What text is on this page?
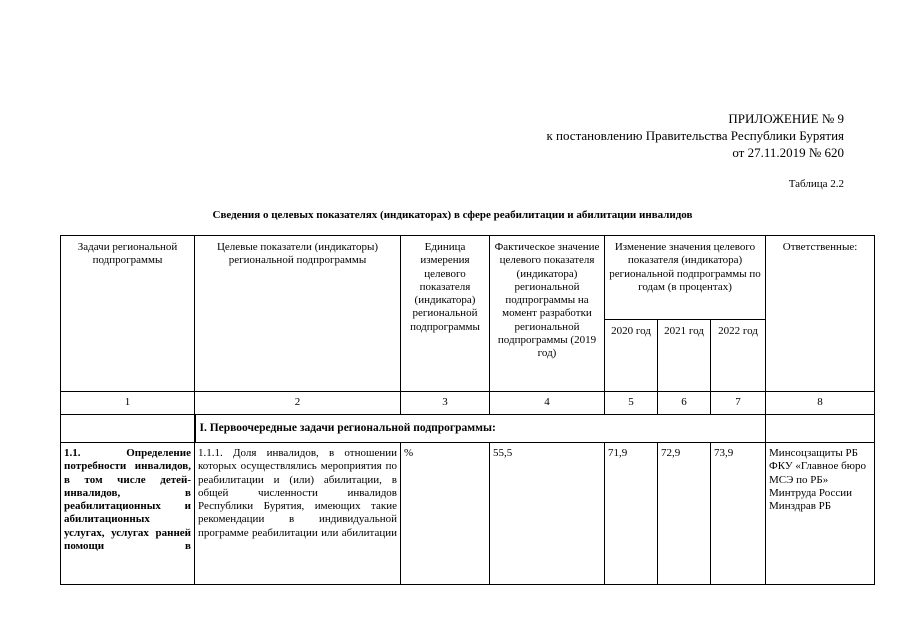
ПРИЛОЖЕНИЕ № 9

к постановлению Правительства Республики Бурятия

от 27.11.2019 № 620

Таблица 2.2

Сведения о целевых показателях (индикаторах) в сфере реабилитации и абилитации инвалидов
Задачи региональной подпрограммы	Целевые показатели (индикаторы) региональной подпрограммы	Единица измерения целевого показателя (индикатора) региональной подпрограммы	Фактическое значение целевого показателя (индикатора) региональной подпрограммы на момент разработки региональной подпрограммы (2019 год)	Изменение значения целевого показателя (индикатора) региональной подпрограммы по годам (в процентах)			Ответственные:
				2020 год	2021 год	2022 год	
1	2	3	4	5	6	7	8
	I. Первоочередные задачи региональной подпрограммы:						

1.1. Определение потребности инвалидов, в том числе детей-инвалидов, в реабилитационных и абилитационных услугах, услугах ранней помощи в	1.1.1. Доля инвалидов, в отношении которых осуществлялись мероприятия по реабилитации и (или) абилитации, в общей численности инвалидов Республики Бурятия, имеющих такие рекомендации в индивидуальной программе реабилитации или абилитации	%	55,5	71,9	72,9	73,9	Минсоцзащиты РБ ФКУ «Главное бюро МСЭ по РБ» Минтруда России Минздрав РБ
